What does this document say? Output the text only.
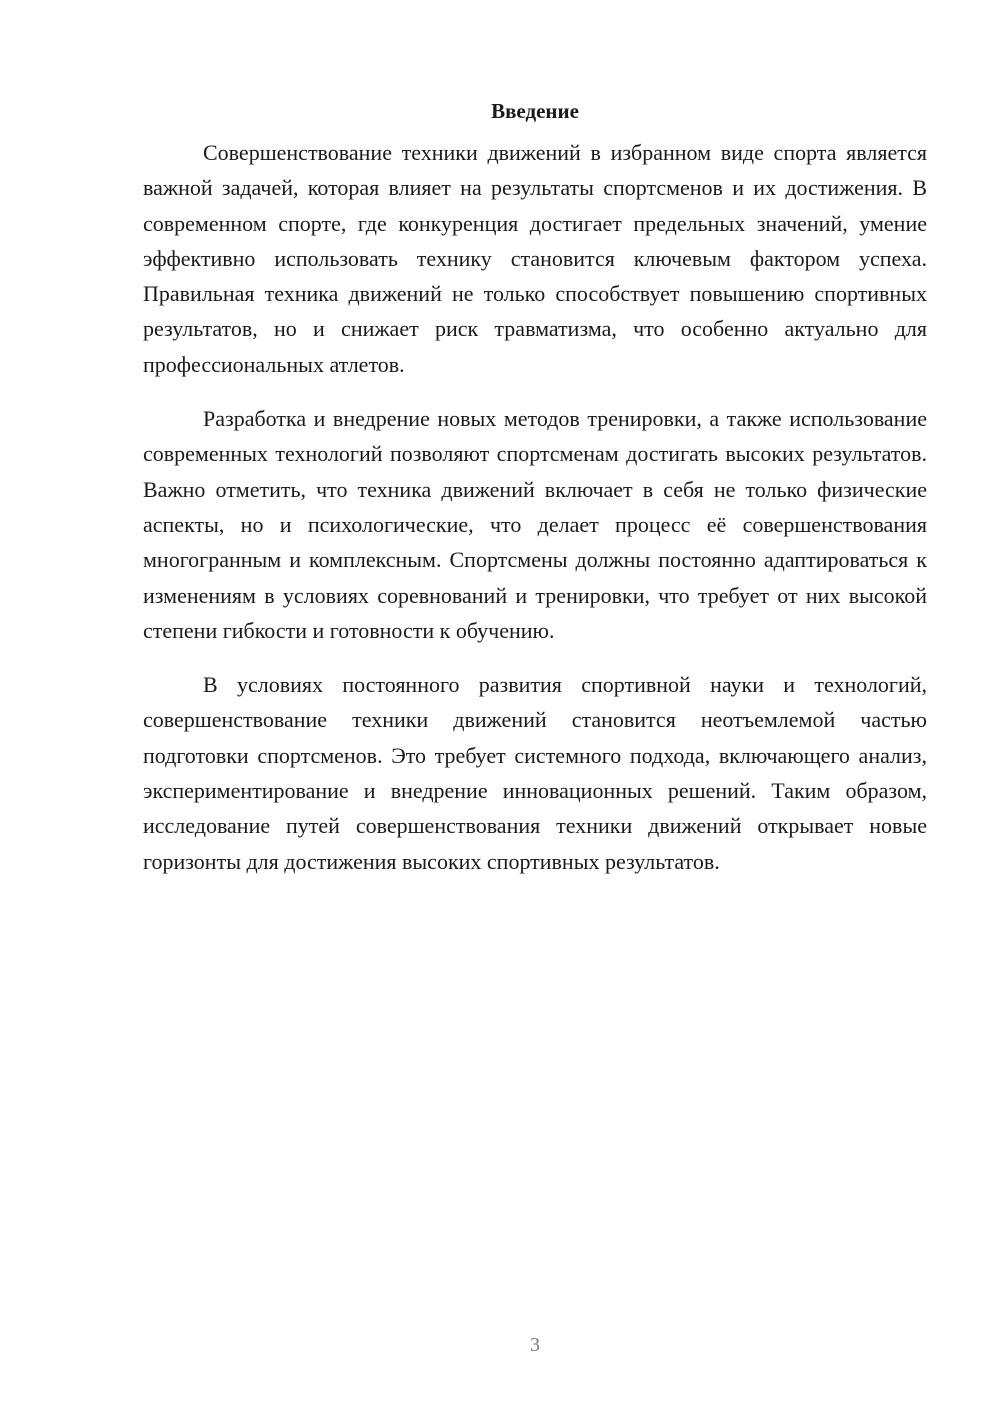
Введение

Совершенствование техники движений в избранном виде спорта является важной задачей, которая влияет на результаты спортсменов и их достижения. В современном спорте, где конкуренция достигает предельных значений, умение эффективно использовать технику становится ключевым фактором успеха. Правильная техника движений не только способствует повышению спортивных результатов, но и снижает риск травматизма, что особенно актуально для профессиональных атлетов.

Разработка и внедрение новых методов тренировки, а также использование современных технологий позволяют спортсменам достигать высоких результатов. Важно отметить, что техника движений включает в себя не только физические аспекты, но и психологические, что делает процесс её совершенствования многогранным и комплексным. Спортсмены должны постоянно адаптироваться к изменениям в условиях соревнований и тренировки, что требует от них высокой степени гибкости и готовности к обучению.

В условиях постоянного развития спортивной науки и технологий, совершенствование техники движений становится неотъемлемой частью подготовки спортсменов. Это требует системного подхода, включающего анализ, экспериментирование и внедрение инновационных решений. Таким образом, исследование путей совершенствования техники движений открывает новые горизонты для достижения высоких спортивных результатов.

3
